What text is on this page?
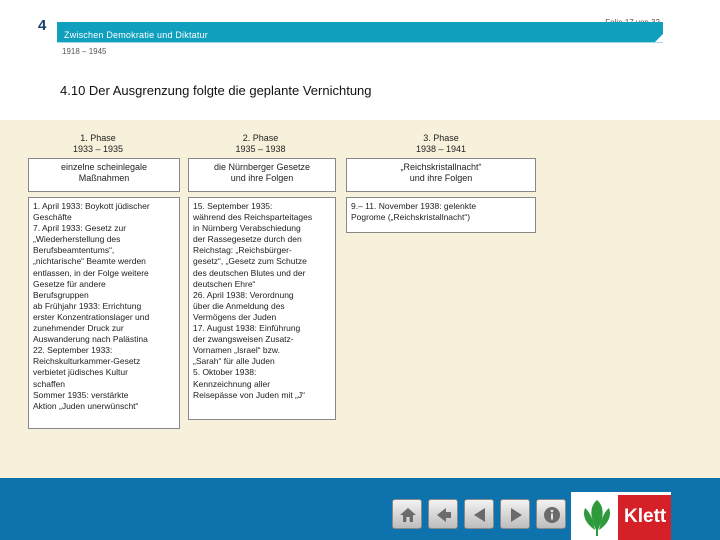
4
Zwischen Demokratie und Diktatur
1918 – 1945
4.10 Der Ausgrenzung folgte die geplante Vernichtung
1. Phase
1933 – 1935
einzelne scheinlegale
Maßnahmen
1. April 1933: Boykott jüdischer
Geschäfte
7. April 1933: Gesetz zur
„Wiederherstellung des
Berufsbeamtentums“,
„nichtarische“ Beamte werden
entlassen, in der Folge weitere
Gesetze für andere
Berufsgruppen
ab Frühjahr 1933: Errichtung
erster Konzentrationslager und
zunehmender Druck zur
Auswanderung nach Palästina
22. September 1933:
Reichskulturkammer-Gesetz
verbietet jüdisches Kultur
schaffen
Sommer 1935: verstärkte
Aktion „Juden unerwünscht“
2. Phase
1935 – 1938
die Nürnberger Gesetze
und ihre Folgen
15. September 1935:
während des Reichsparteitages
in Nürnberg Verabschiedung
der Rassegesetze durch den
Reichstag: „Reichsbürger-
gesetz“, „Gesetz zum Schutze
des deutschen Blutes und der
deutschen Ehre“
26. April 1938: Verordnung
über die Anmeldung des
Vermögens der Juden
17. August 1938: Einführung
der zwangsweisen Zusatz-
Vornamen „Israel“ bzw.
„Sarah“ für alle Juden
5. Oktober 1938:
Kennzeichnung aller
Reisepässe von Juden mit „J“
3. Phase
1938 – 1941
„Reichskristallnacht“
und ihre Folgen
9.– 11. November 1938: gelenkte
Pogrome („Reichskristallnacht“)
Klett
